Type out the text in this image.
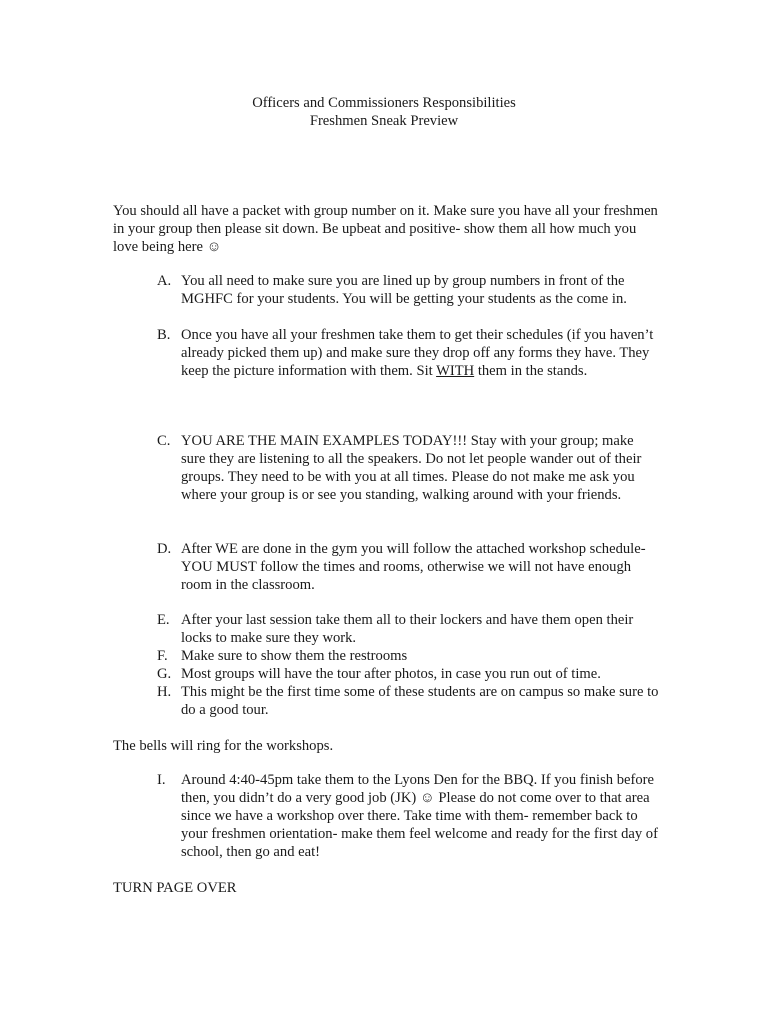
Officers and Commissioners Responsibilities
Freshmen Sneak Preview
You should all have a packet with group number on it. Make sure you have all your freshmen in your group then please sit down. Be upbeat and positive- show them all how much you love being here ☺
A. You all need to make sure you are lined up by group numbers in front of the MGHFC for your students. You will be getting your students as the come in.
B. Once you have all your freshmen take them to get their schedules (if you haven’t already picked them up) and make sure they drop off any forms they have. They keep the picture information with them. Sit WITH them in the stands.
C. YOU ARE THE MAIN EXAMPLES TODAY!!! Stay with your group; make sure they are listening to all the speakers. Do not let people wander out of their groups. They need to be with you at all times. Please do not make me ask you where your group is or see you standing, walking around with your friends.
D. After WE are done in the gym you will follow the attached workshop schedule- YOU MUST follow the times and rooms, otherwise we will not have enough room in the classroom.
E. After your last session take them all to their lockers and have them open their locks to make sure they work.
F. Make sure to show them the restrooms
G. Most groups will have the tour after photos, in case you run out of time.
H. This might be the first time some of these students are on campus so make sure to do a good tour.
The bells will ring for the workshops.
I. Around 4:40-45pm take them to the Lyons Den for the BBQ. If you finish before then, you didn’t do a very good job (JK) ☺ Please do not come over to that area since we have a workshop over there. Take time with them- remember back to your freshmen orientation- make them feel welcome and ready for the first day of school, then go and eat!
TURN PAGE OVER
